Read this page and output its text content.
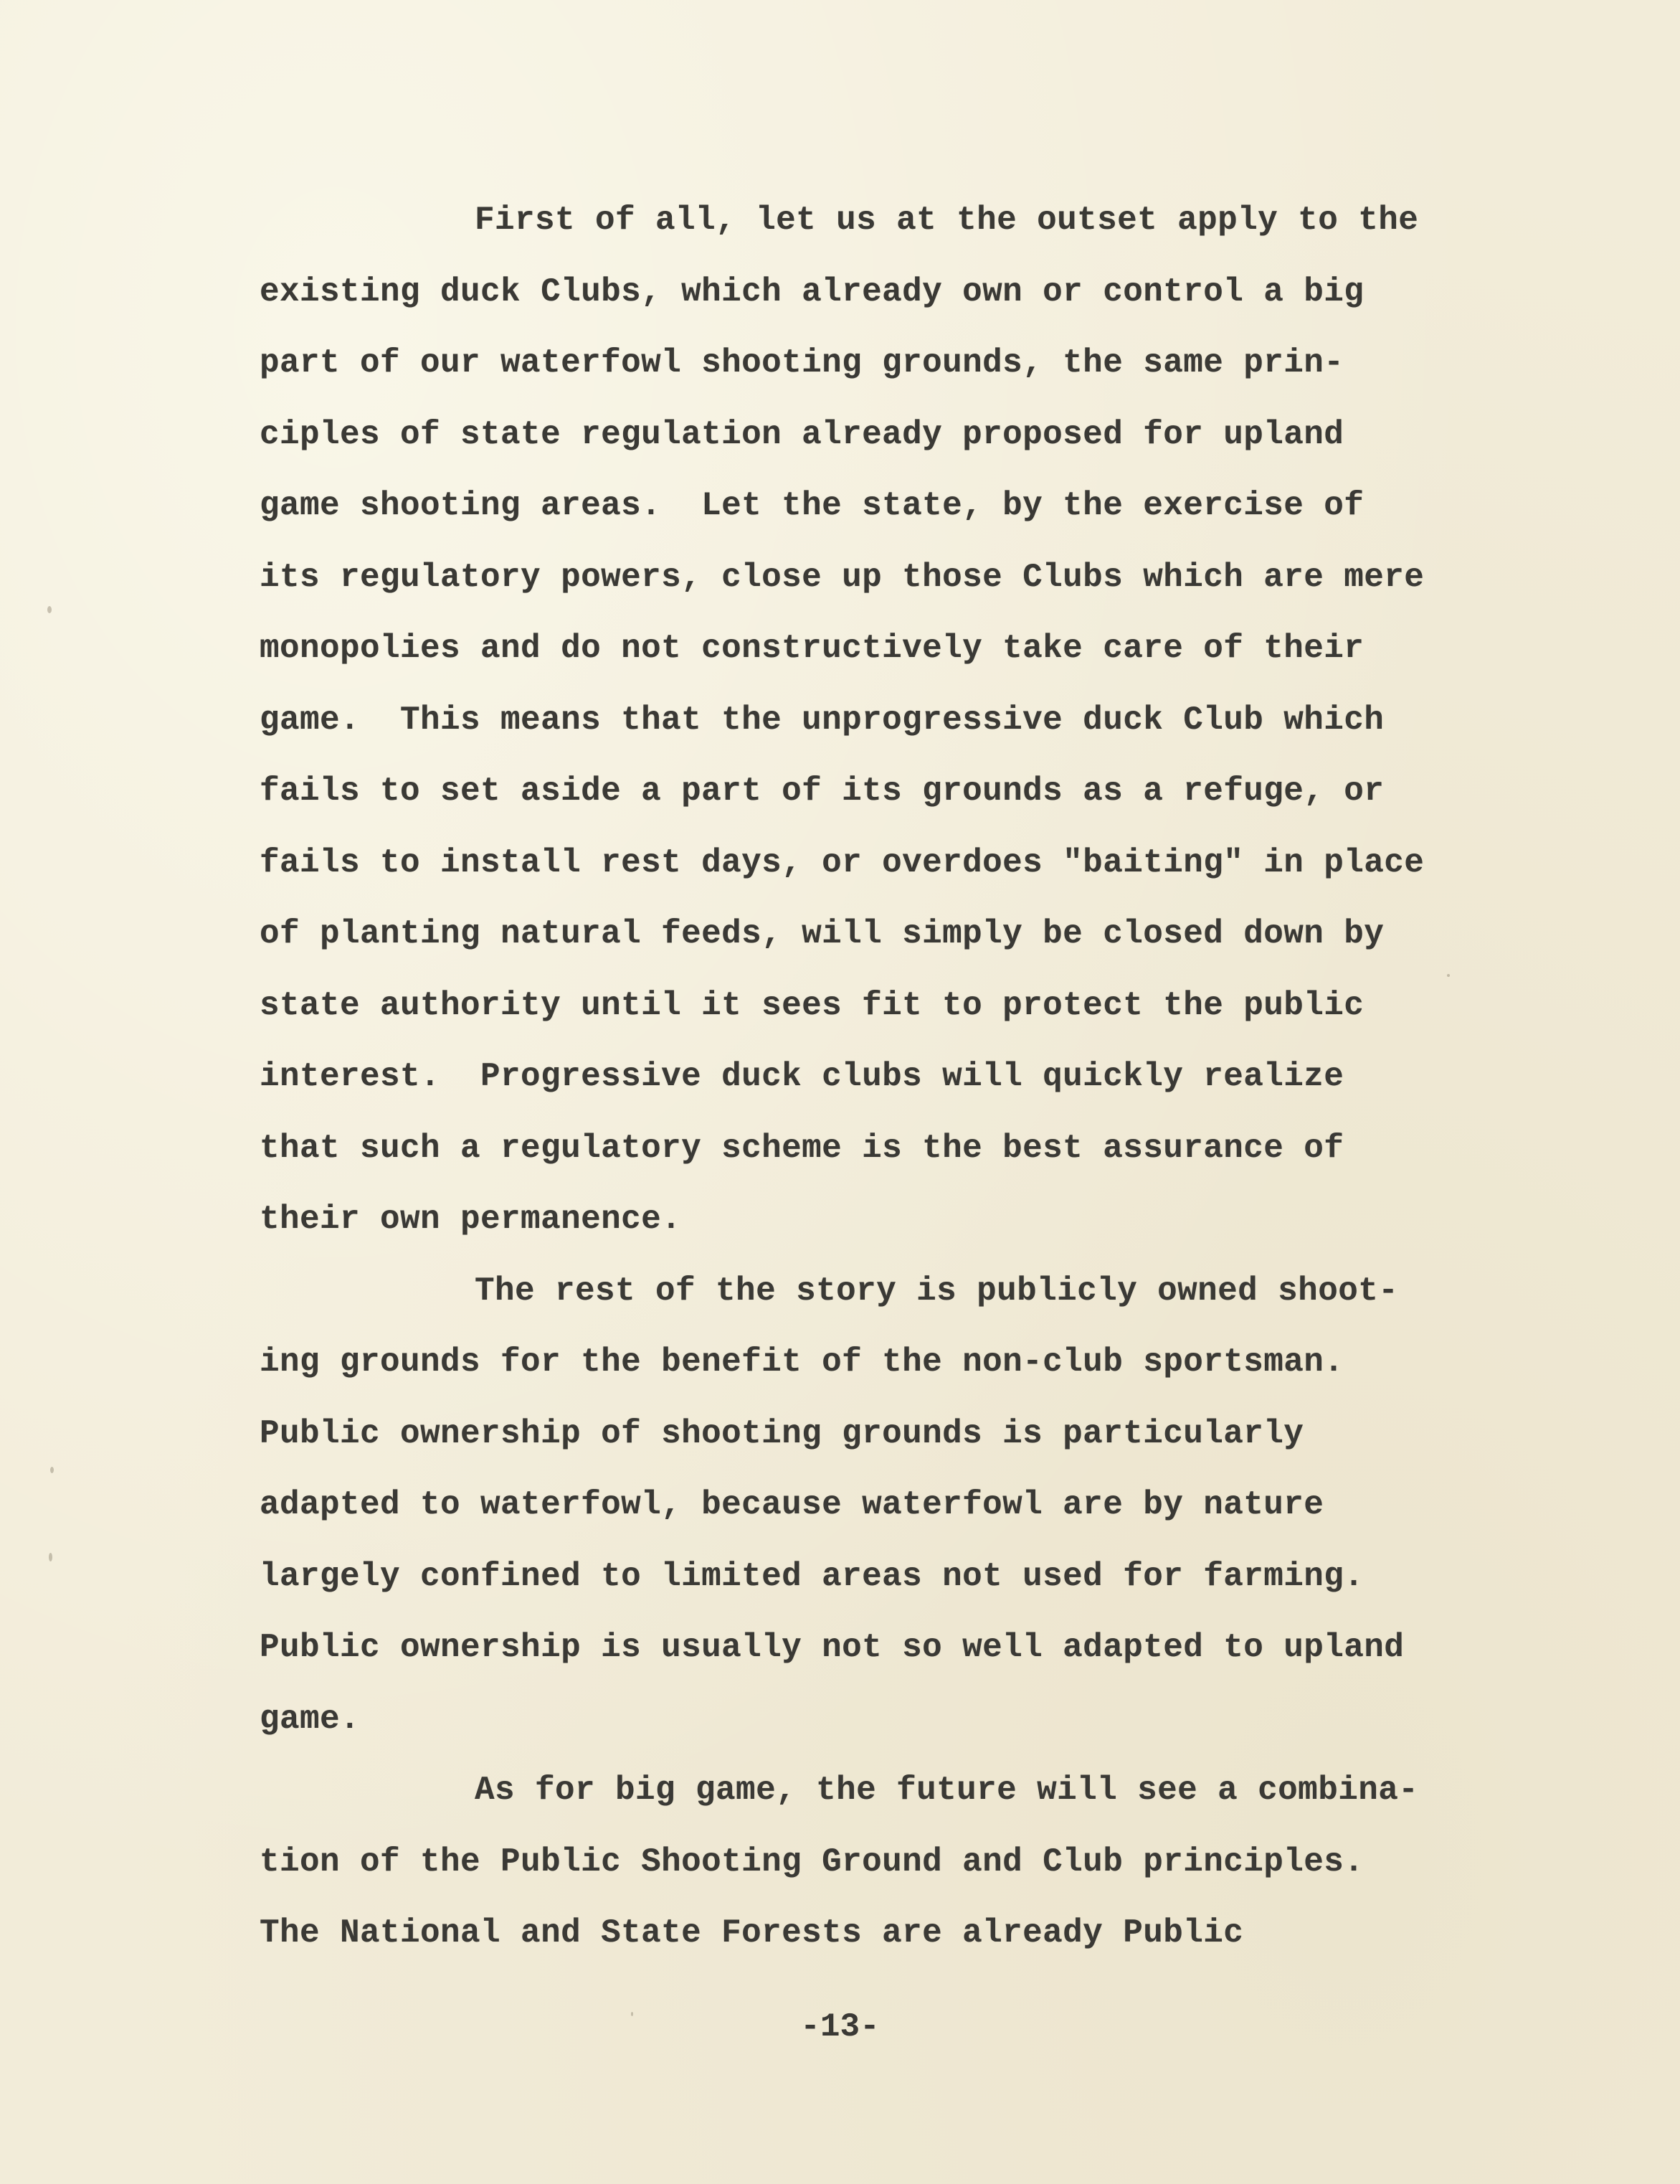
First of all, let us at the outset apply to the
existing duck Clubs, which already own or control a big
part of our waterfowl shooting grounds, the same prin-
ciples of state regulation already proposed for upland
game shooting areas.  Let the state, by the exercise of
its regulatory powers, close up those Clubs which are mere
monopolies and do not constructively take care of their
game.  This means that the unprogressive duck Club which
fails to set aside a part of its grounds as a refuge, or
fails to install rest days, or overdoes "baiting" in place
of planting natural feeds, will simply be closed down by
state authority until it sees fit to protect the public
interest.  Progressive duck clubs will quickly realize
that such a regulatory scheme is the best assurance of
their own permanence.
The rest of the story is publicly owned shoot-
ing grounds for the benefit of the non-club sportsman.
Public ownership of shooting grounds is particularly
adapted to waterfowl, because waterfowl are by nature
largely confined to limited areas not used for farming.
Public ownership is usually not so well adapted to upland
game.
As for big game, the future will see a combina-
tion of the Public Shooting Ground and Club principles.
The National and State Forests are already Public
-13-
